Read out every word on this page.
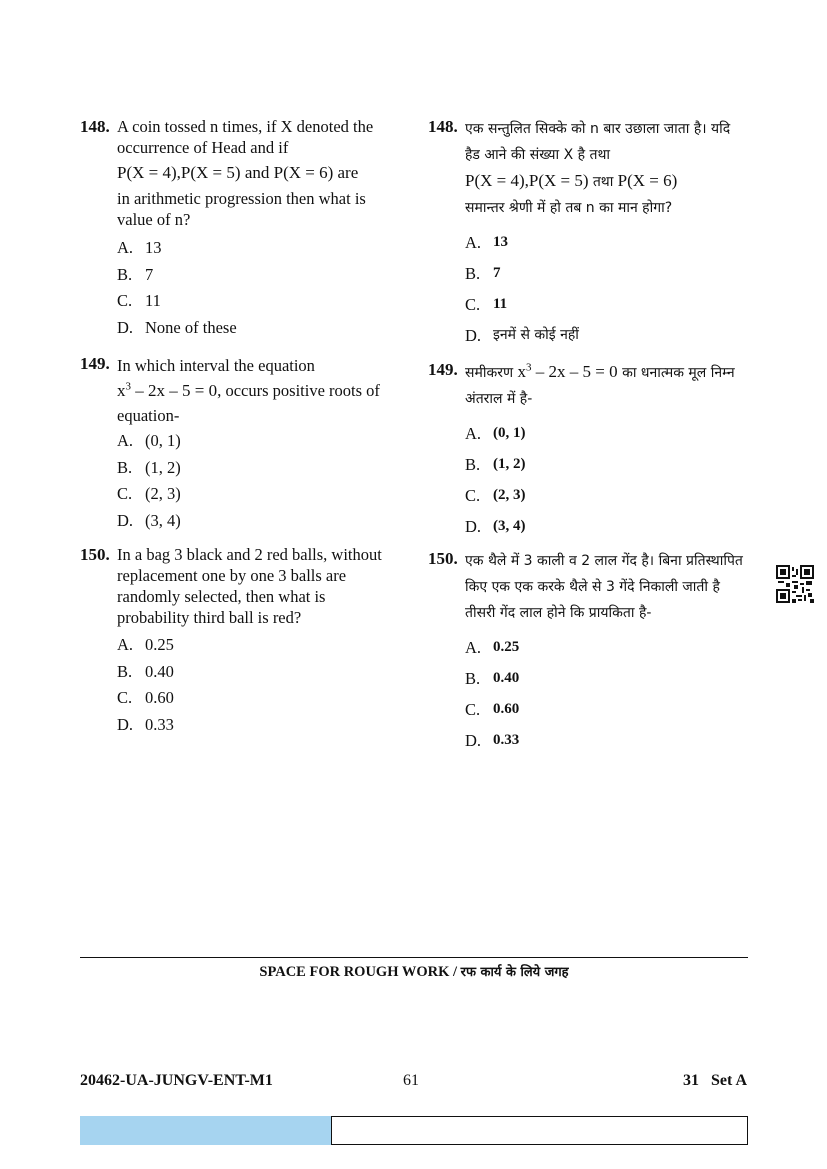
148. A coin tossed n times, if X denoted the occurrence of Head and if
P(X = 4),P(X = 5) and P(X = 6) are
in arithmetic progression then what is value of n?

A. 13
B. 7
C. 11
D. None of these
149. In which interval the equation
$x^3 - 2x - 5 = 0$, occurs positive roots of equation-

A. (0, 1)
B. (1, 2)
C. (2, 3)
D. (3, 4)
150. In a bag 3 black and 2 red balls, without replacement one by one 3 balls are randomly selected, then what is probability third ball is red?

A. 0.25
B. 0.40
C. 0.60
D. 0.33
148. एक सन्तुलित सिक्के को n बार उछाला जाता है। यदि हैड आने की संख्या X है तथा
P(X = 4),P(X = 5) तथा P(X = 6)
समान्तर श्रेणी में हो तब n का मान होगा?

A. 13
B. 7
C. 11
D. इनमें से कोई नहीं
149. समीकरण $x^3 - 2x - 5 = 0$ का धनात्मक मूल निम्न अंतराल में है-

A. (0, 1)
B. (1, 2)
C. (2, 3)
D. (3, 4)
150. एक थैले में 3 काली व 2 लाल गेंद है। बिना प्रतिस्थापित किए एक एक करके थैले से 3 गेंदे निकाली जाती है तीसरी गेंद लाल होने कि प्रायकिता है-

A. 0.25
B. 0.40
C. 0.60
D. 0.33
SPACE FOR ROUGH WORK / रफ कार्य के लिये जगह
20462-UA-JUNGV-ENT-M1	61	31   Set A
